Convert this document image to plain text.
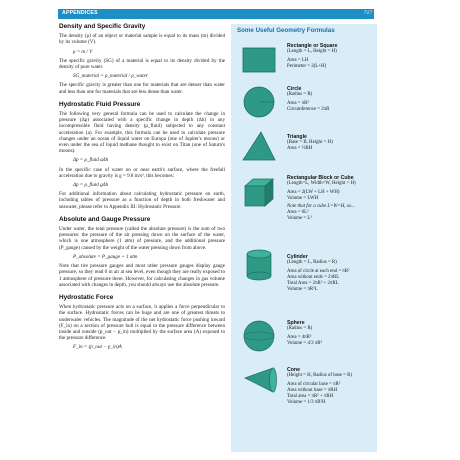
APPENDICES	717
Density and Specific Gravity

The density (ρ) of an object or material sample is equal to its mass (m) divided by its volume (V).

ρ = m / V

The specific gravity (SG) of a material is equal to its density divided by the density of pure water.

SG_material = ρ_material / ρ_water

The specific gravity is greater than one for materials that are denser than water and less than one for materials that are less dense than water.

Hydrostatic Fluid Pressure

The following very general formula can be used to calculate the change in pressure (Δp) associated with a specific change in depth (Δh) in any incompressible fluid having density (ρ_fluid) subjected to any constant acceleration (a). For example, this formula can be used to calculate pressure changes under an ocean of liquid water on Europa (one of Jupiter's moons) or even under the sea of liquid methane thought to exist on Titan (one of Saturn's moons).

Δp = ρ_fluid aΔh

In the specific case of water on or near earth's surface, where the freefall acceleration due to gravity is g = 9.8 m/s², this becomes:

Δp = ρ_fluid gΔh

For additional information about calculating hydrostatic pressure on earth, including tables of pressure as a function of depth in both freshwater and seawater, please refer to Appendix III: Hydrostatic Pressure.

Absolute and Gauge Pressure

Under water, the total pressure (called the absolute pressure) is the sum of two pressures: the pressure of the air pressing down on the surface of the water, which is one atmosphere (1 atm) of pressure, and the additional pressure (P_gauge) caused by the weight of the water pressing down from above.

P_absolute = P_gauge + 1 atm

Note that tire pressure gauges and most other pressure gauges display gauge pressure, so they read 0 in air at sea level, even though they are really exposed to 1 atmosphere of pressure there. However, for calculating changes in gas volume associated with changes in depth, you should always use the absolute pressure.

Hydrostatic Force

When hydrostatic pressure acts on a surface, it applies a force perpendicular to the surface. Hydrostatic forces can be huge and are one of greatest threats to underwater vehicles. The magnitude of the net hydrostatic force pushing inward (F_in) on a section of pressure hull is equal to the pressure difference between inside and outside (p_out − p_in) multiplied by the surface area (A) exposed to the pressure difference.

F_in = (p_out − p_in)A
Some Useful Geometry Formulas
Rectangle or Square
(Length = L, Height = H)
Area = LH
Perimeter = 2(L+H)
Circle
(Radius = R)
Area = πR²
Circumference = 2πR
Triangle
(Base = B, Height = H)
Area = ½BH
Rectangular Block or Cube
(Length=L, Width=W, Height = H)
Area = 2(LW + LH + WH)
Volume = LWH
Note that for a cube L=W=H, so...
Area = 6L²
Volume = L³
Cylinder
(Length = L, Radius = R)
Area of circle at each end = πR²
Area without ends = 2πRL
Total Area = 2πR² + 2πRL
Volume = πR²L
Sphere
(Radius = R)
Area = 4πR²
Volume = 4/3 πR³
Cone
(Height = H, Radius of base = R)
Area of circular base = πR²
Area without base = πRH
Total area = πR² + πRH
Volume = 1/3 πR²H
